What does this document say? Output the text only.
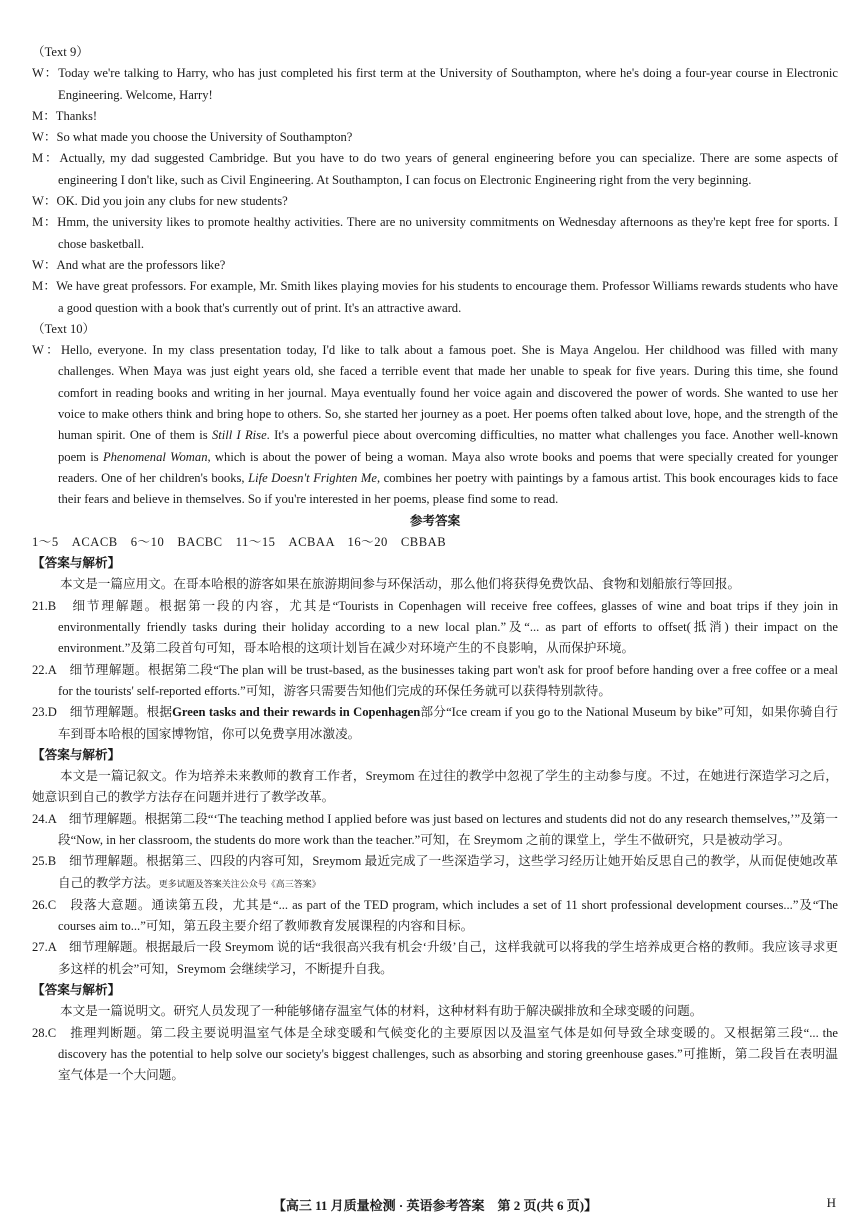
（Text 9）

W：Today we're talking to Harry, who has just completed his first term at the University of Southampton, where he's doing a four-year course in Electronic Engineering. Welcome, Harry!

M：Thanks!

W：So what made you choose the University of Southampton?

M：Actually, my dad suggested Cambridge. But you have to do two years of general engineering before you can specialize. There are some aspects of engineering I don't like, such as Civil Engineering. At Southampton, I can focus on Electronic Engineering right from the very beginning.

W：OK. Did you join any clubs for new students?

M：Hmm, the university likes to promote healthy activities. There are no university commitments on Wednesday afternoons as they're kept free for sports. I chose basketball.

W：And what are the professors like?

M：We have great professors. For example, Mr. Smith likes playing movies for his students to encourage them. Professor Williams rewards students who have a good question with a book that's currently out of print. It's an attractive award.

（Text 10）

W：Hello, everyone. In my class presentation today, I'd like to talk about a famous poet. She is Maya Angelou. Her childhood was filled with many challenges. When Maya was just eight years old, she faced a terrible event that made her unable to speak for five years. During this time, she found comfort in reading books and writing in her journal. Maya eventually found her voice again and discovered the power of words. She wanted to use her voice to make others think and bring hope to others. So, she started her journey as a poet. Her poems often talked about love, hope, and the strength of the human spirit. One of them is Still I Rise. It's a powerful piece about overcoming difficulties, no matter what challenges you face. Another well-known poem is Phenomenal Woman, which is about the power of being a woman. Maya also wrote books and poems that were specially created for younger readers. One of her children's books, Life Doesn't Frighten Me, combines her poetry with paintings by a famous artist. This book encourages kids to face their fears and believe in themselves. So if you're interested in her poems, please find some to read.

参考答案

1～5　ACACB　6～10　BACBC　11～15　ACBAA　16～20　CBBAB

【答案与解析】

本文是一篇应用文。在哥本哈根的游客如果在旅游期间参与环保活动，那么他们将获得免费饮品、食物和划船旅行等回报。

21.B　细节理解题。根据第一段的内容，尤其是“Tourists in Copenhagen will receive free coffees, glasses of wine and boat trips if they join in environmentally friendly tasks during their holiday according to a new local plan.”及“... as part of efforts to offset(抵消) their impact on the environment.”及第二段首句可知，哥本哈根的这项计划旨在减少对环境产生的不良影响，从而保护环境。

22.A　细节理解题。根据第二段“The plan will be trust-based, as the businesses taking part won't ask for proof before handing over a free coffee or a meal for the tourists' self-reported efforts.”可知，游客只需要告知他们完成的环保任务就可以获得特别款待。

23.D　细节理解题。根据Green tasks and their rewards in Copenhagen部分“Ice cream if you go to the National Museum by bike”可知，如果你骑自行车到哥本哈根的国家博物馆，你可以免费享用冰激凌。

【答案与解析】

本文是一篇记叙文。作为培养未来教师的教育工作者，Sreymom 在过往的教学中忽视了学生的主动参与度。不过，在她进行深造学习之后，她意识到自己的教学方法存在问题并进行了教学改革。

24.A　细节理解题。根据第二段“‘The teaching method I applied before was just based on lectures and students did not do any research themselves,’”及第一段“Now, in her classroom, the students do more work than the teacher.”可知，在 Sreymom 之前的课堂上，学生不做研究，只是被动学习。

25.B　细节理解题。根据第三、四段的内容可知，Sreymom 最近完成了一些深造学习，这些学习经历让她开始反思自己的教学，从而促使她改革自己的教学方法。更多试题及答案关注公众号《高三答案》

26.C　段落大意题。通读第五段，尤其是“... as part of the TED program, which includes a set of 11 short professional development courses...”及“The courses aim to...”可知，第五段主要介绍了教师教育发展课程的内容和目标。

27.A　细节理解题。根据最后一段 Sreymom 说的话“我很高兴我有机会‘升级’自己，这样我就可以将我的学生培养成更合格的教师。我应该寻求更多这样的机会”可知，Sreymom 会继续学习，不断提升自我。

【答案与解析】

本文是一篇说明文。研究人员发现了一种能够储存温室气体的材料，这种材料有助于解决碳排放和全球变暖的问题。

28.C　推理判断题。第二段主要说明温室气体是全球变暖和气候变化的主要原因以及温室气体是如何导致全球变暖的。又根据第三段“... the discovery has the potential to help solve our society's biggest challenges, such as absorbing and storing greenhouse gases.”可推断，第二段旨在表明温室气体是一个大问题。

【高三 11 月质量检测 · 英语参考答案　第 2 页(共 6 页)】	H
